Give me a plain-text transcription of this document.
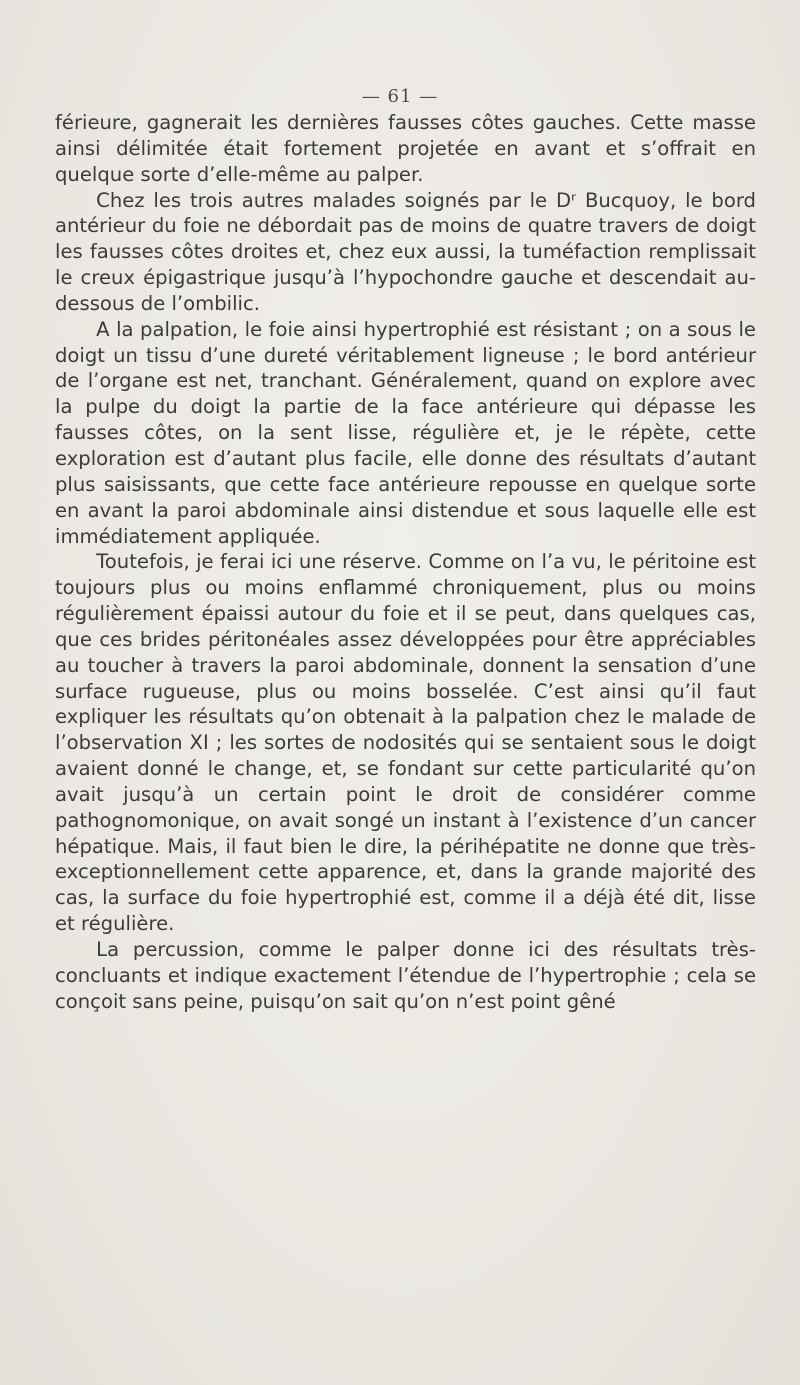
— 61 —

férieure, gagnerait les dernières fausses côtes gauches. Cette masse ainsi délimitée était fortement projetée en avant et s’offrait en quelque sorte d’elle-même au palper.

Chez les trois autres malades soignés par le Dʳ Bucquoy, le bord antérieur du foie ne débordait pas de moins de quatre travers de doigt les fausses côtes droites et, chez eux aussi, la tuméfaction remplissait le creux épigastrique jusqu’à l’hypochondre gauche et descendait au-dessous de l’ombilic.

A la palpation, le foie ainsi hypertrophié est résistant ; on a sous le doigt un tissu d’une dureté véritablement ligneuse ; le bord antérieur de l’organe est net, tranchant. Généralement, quand on explore avec la pulpe du doigt la partie de la face antérieure qui dépasse les fausses côtes, on la sent lisse, régulière et, je le répète, cette exploration est d’autant plus facile, elle donne des résultats d’autant plus saisissants, que cette face antérieure repousse en quelque sorte en avant la paroi abdominale ainsi distendue et sous laquelle elle est immédiatement appliquée.

Toutefois, je ferai ici une réserve. Comme on l’a vu, le péritoine est toujours plus ou moins enflammé chroniquement, plus ou moins régulièrement épaissi autour du foie et il se peut, dans quelques cas, que ces brides péritonéales assez développées pour être appréciables au toucher à travers la paroi abdominale, donnent la sensation d’une surface rugueuse, plus ou moins bosselée. C’est ainsi qu’il faut expliquer les résultats qu’on obtenait à la palpation chez le malade de l’observation XI ; les sortes de nodosités qui se sentaient sous le doigt avaient donné le change, et, se fondant sur cette particularité qu’on avait jusqu’à un certain point le droit de considérer comme pathognomonique, on avait songé un instant à l’existence d’un cancer hépatique. Mais, il faut bien le dire, la périhépatite ne donne que très-exceptionnellement cette apparence, et, dans la grande majorité des cas, la surface du foie hypertrophié est, comme il a déjà été dit, lisse et régulière.

La percussion, comme le palper donne ici des résultats très-concluants et indique exactement l’étendue de l’hypertrophie ; cela se conçoit sans peine, puisqu’on sait qu’on n’est point gêné
